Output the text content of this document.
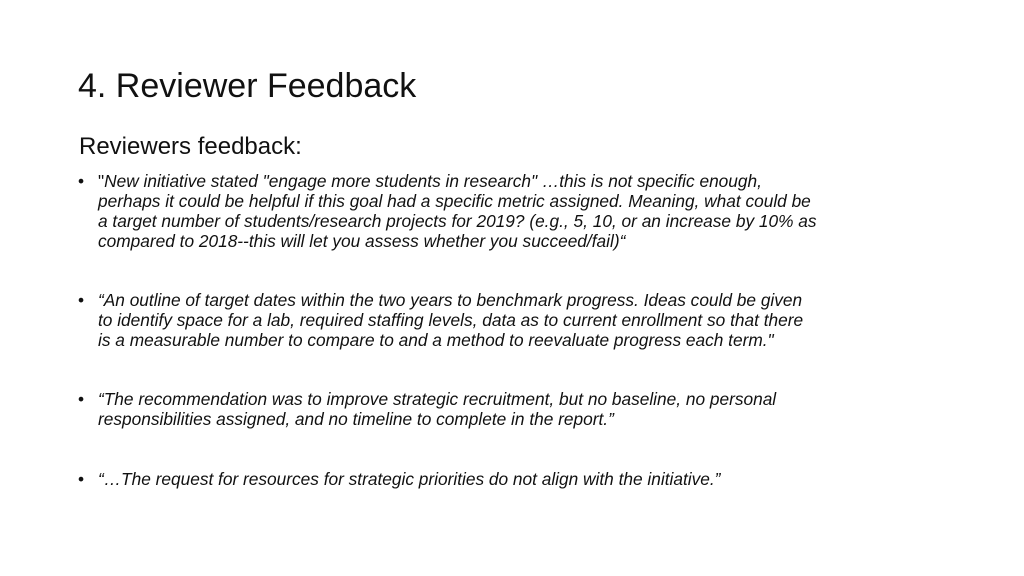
4. Reviewer Feedback
Reviewers feedback:
• "New initiative stated "engage more students in research" …this is not specific enough,
perhaps it could be helpful if this goal had a specific metric assigned. Meaning, what could be
a target number of students/research projects for 2019? (e.g., 5, 10, or an increase by 10% as
compared to 2018--this will let you assess whether you succeed/fail)“
• “An outline of target dates within the two years to benchmark progress. Ideas could be given
to identify space for a lab, required staffing levels, data as to current enrollment so that there
is a measurable number to compare to and a method to reevaluate progress each term."
• “The recommendation was to improve strategic recruitment, but no baseline, no personal
responsibilities assigned, and no timeline to complete in the report.”
• “…The request for resources for strategic priorities do not align with the initiative.”
